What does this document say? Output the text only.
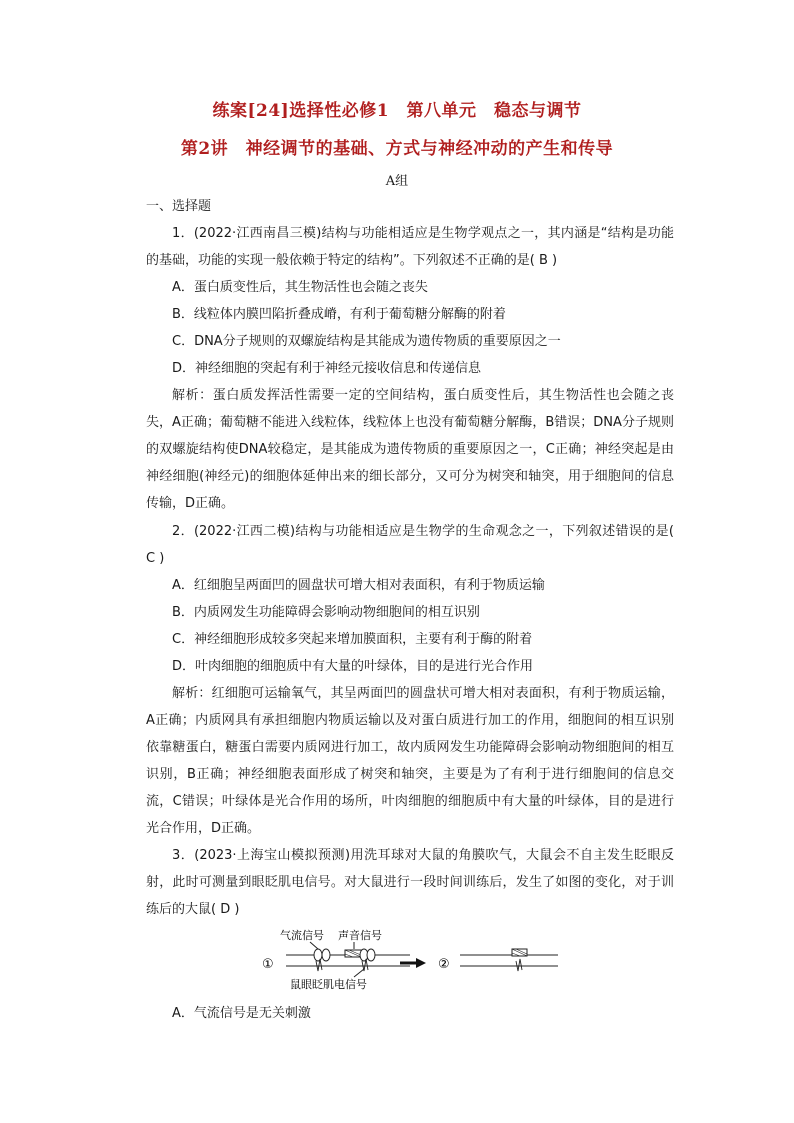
练案[24]选择性必修1　第八单元　稳态与调节
第2讲　神经调节的基础、方式与神经冲动的产生和传导
A组
一、选择题

1．(2022·江西南昌三模)结构与功能相适应是生物学观点之一，其内涵是“结构是功能的基础，功能的实现一般依赖于特定的结构”。下列叙述不正确的是( B )

A．蛋白质变性后，其生物活性也会随之丧失

B．线粒体内膜凹陷折叠成嵴，有利于葡萄糖分解酶的附着

C．DNA分子规则的双螺旋结构是其能成为遗传物质的重要原因之一

D．神经细胞的突起有利于神经元接收信息和传递信息

解析：蛋白质发挥活性需要一定的空间结构，蛋白质变性后，其生物活性也会随之丧失，A正确；葡萄糖不能进入线粒体，线粒体上也没有葡萄糖分解酶，B错误；DNA分子规则的双螺旋结构使DNA较稳定，是其能成为遗传物质的重要原因之一，C正确；神经突起是由神经细胞(神经元)的细胞体延伸出来的细长部分，又可分为树突和轴突，用于细胞间的信息传输，D正确。

2．(2022·江西二模)结构与功能相适应是生物学的生命观念之一，下列叙述错误的是( C )

A．红细胞呈两面凹的圆盘状可增大相对表面积，有利于物质运输

B．内质网发生功能障碍会影响动物细胞间的相互识别

C．神经细胞形成较多突起来增加膜面积，主要有利于酶的附着

D．叶肉细胞的细胞质中有大量的叶绿体，目的是进行光合作用

解析：红细胞可运输氧气，其呈两面凹的圆盘状可增大相对表面积，有利于物质运输，A正确；内质网具有承担细胞内物质运输以及对蛋白质进行加工的作用，细胞间的相互识别依靠糖蛋白，糖蛋白需要内质网进行加工，故内质网发生功能障碍会影响动物细胞间的相互识别，B正确；神经细胞表面形成了树突和轴突，主要是为了有利于进行细胞间的信息交流，C错误；叶绿体是光合作用的场所，叶肉细胞的细胞质中有大量的叶绿体，目的是进行光合作用，D正确。

3．(2023·上海宝山模拟预测)用洗耳球对大鼠的角膜吹气，大鼠会不自主发生眨眼反射，此时可测量到眼眨肌电信号。对大鼠进行一段时间训练后，发生了如图的变化，对于训练后的大鼠( D )

①
气流信号 声音信号
鼠眼眨肌电信号
②

A．气流信号是无关刺激
